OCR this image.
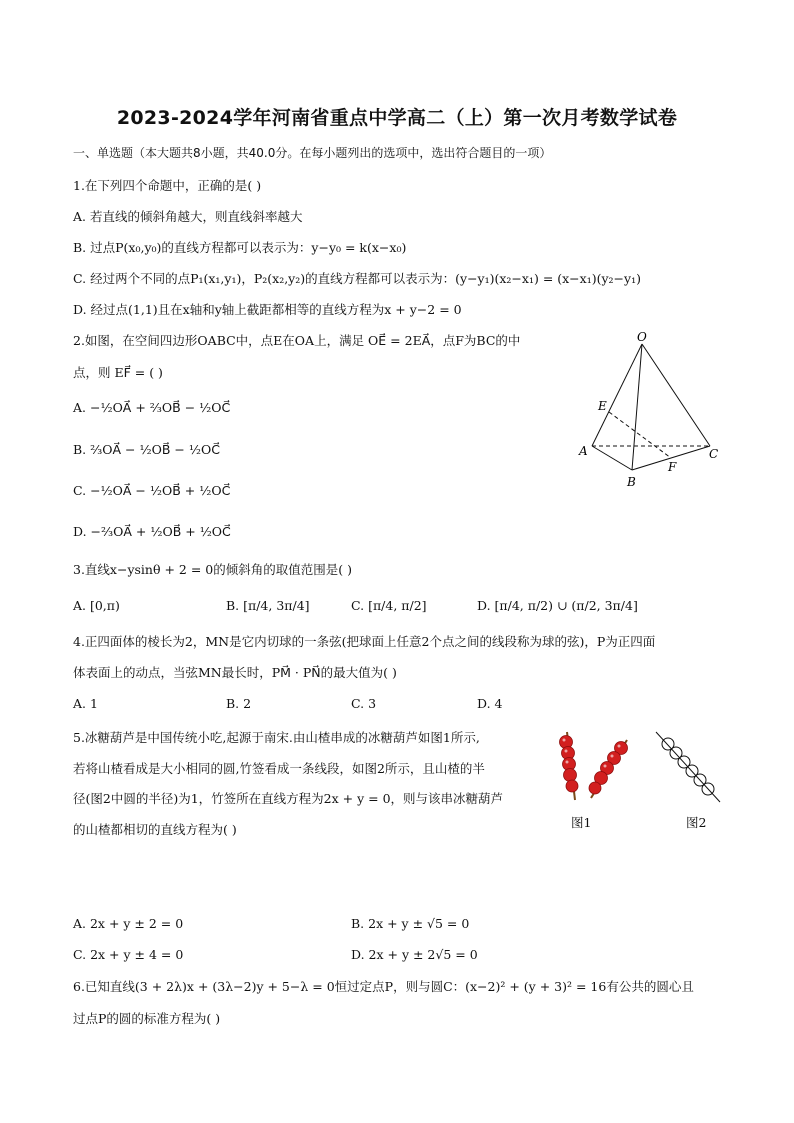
2023-2024学年河南省重点中学高二（上）第一次月考数学试卷
一、单选题（本大题共8小题，共40.0分。在每小题列出的选项中，选出符合题目的一项）
1.在下列四个命题中，正确的是( )
A. 若直线的倾斜角越大，则直线斜率越大
B. 过点P(x₀,y₀)的直线方程都可以表示为：y−y₀ = k(x−x₀)
C. 经过两个不同的点P₁(x₁,y₁)，P₂(x₂,y₂)的直线方程都可以表示为：(y−y₁)(x₂−x₁) = (x−x₁)(y₂−y₁)
D. 经过点(1,1)且在x轴和y轴上截距都相等的直线方程为x + y−2 = 0
2.如图，在空间四边形OABC中，点E在OA上，满足 OE⃗ = 2EA⃗，点F为BC的中
点，则 EF⃗ = ( )
A. −½OA⃗ + ⅔OB⃗ − ½OC⃗
B. ⅔OA⃗ − ½OB⃗ − ½OC⃗
C. −½OA⃗ − ½OB⃗ + ½OC⃗
D. −⅔OA⃗ + ½OB⃗ + ½OC⃗
O
E
A
B
C
F
3.直线x−ysinθ + 2 = 0的倾斜角的取值范围是( )
A. [0,π)	B. [π/4, 3π/4]	C. [π/4, π/2]	D. [π/4, π/2) ∪ (π/2, 3π/4]
4.正四面体的棱长为2，MN是它内切球的一条弦(把球面上任意2个点之间的线段称为球的弦)，P为正四面
体表面上的动点，当弦MN最长时，PM⃗ · PN⃗的最大值为( )
A. 1	B. 2	C. 3	D. 4
5.冰糖葫芦是中国传统小吃,起源于南宋.由山楂串成的冰糖葫芦如图1所示,
若将山楂看成是大小相同的圆,竹签看成一条线段，如图2所示，且山楂的半
径(图2中圆的半径)为1，竹签所在直线方程为2x + y = 0，则与该串冰糖葫芦
的山楂都相切的直线方程为( )	图1	图2
A. 2x + y ± 2 = 0	B. 2x + y ± √5 = 0
C. 2x + y ± 4 = 0	D. 2x + y ± 2√5 = 0
6.已知直线(3 + 2λ)x + (3λ−2)y + 5−λ = 0恒过定点P，则与圆C：(x−2)² + (y + 3)² = 16有公共的圆心且
过点P的圆的标准方程为( )
